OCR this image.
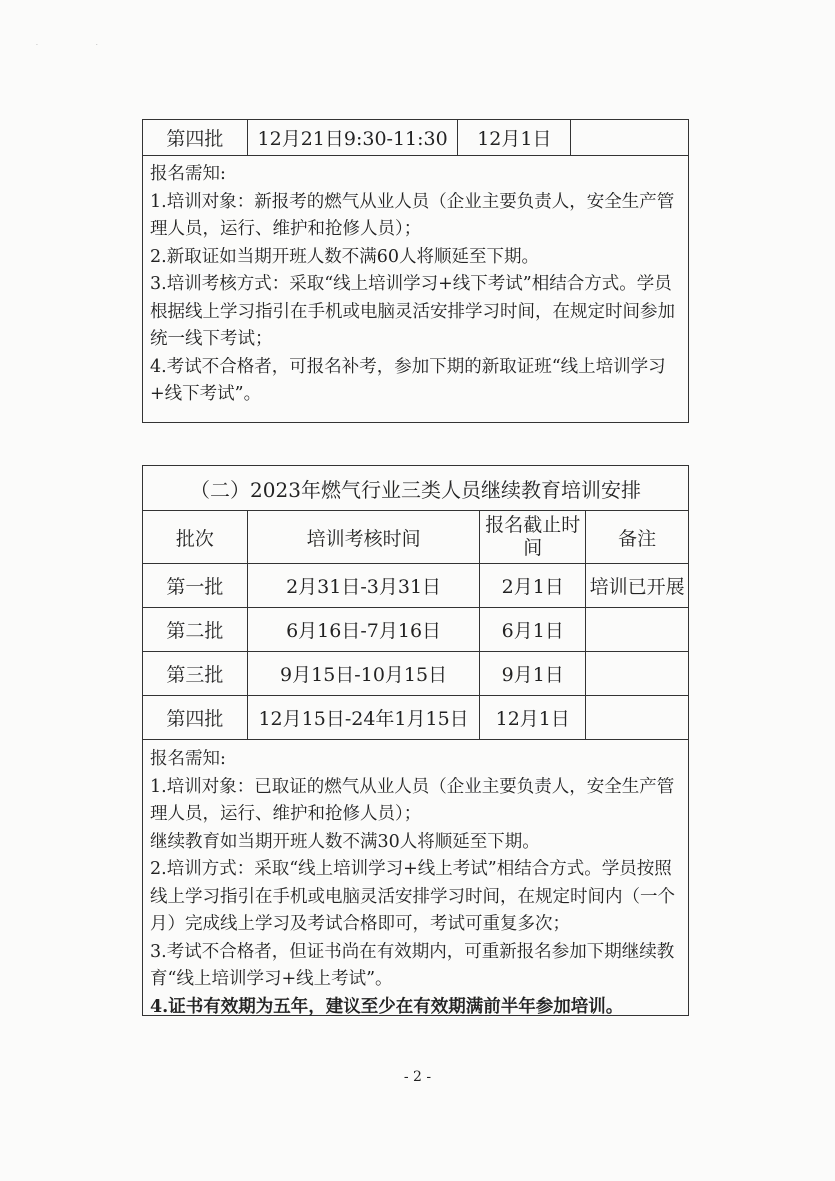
. .
第四批	12月21日9:30-11:30	12月1日	

报名需知:

1.培训对象：新报考的燃气从业人员（企业主要负责人，安全生产管理人员，运行、维护和抢修人员）；

2.新取证如当期开班人数不满60人将顺延至下期。

3.培训考核方式：采取“线上培训学习+线下考试”相结合方式。学员根据线上学习指引在手机或电脑灵活安排学习时间，在规定时间参加统一线下考试；

4.考试不合格者，可报名补考，参加下期的新取证班“线上培训学习+线下考试”。

（二）2023年燃气行业三类人员继续教育培训安排			
批次	培训考核时间	报名截止时间	备注
第一批	2月31日-3月31日	2月1日	培训已开展
第二批	6月16日-7月16日	6月1日	
第三批	9月15日-10月15日	9月1日	
第四批	12月15日-24年1月15日	12月1日	

报名需知:

1.培训对象：已取证的燃气从业人员（企业主要负责人，安全生产管理人员，运行、维护和抢修人员）；

继续教育如当期开班人数不满30人将顺延至下期。

2.培训方式：采取“线上培训学习+线上考试”相结合方式。学员按照线上学习指引在手机或电脑灵活安排学习时间，在规定时间内（一个月）完成线上学习及考试合格即可，考试可重复多次；

3.考试不合格者，但证书尚在有效期内，可重新报名参加下期继续教育“线上培训学习+线上考试”。

4.证书有效期为五年，建议至少在有效期满前半年参加培训。

- 2 -
